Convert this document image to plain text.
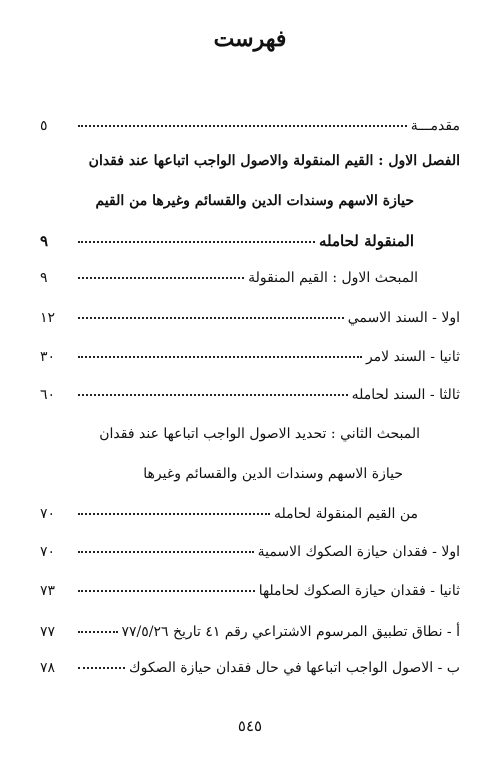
فهرست
مقدمـــة
٥
الفصل الاول : القيم المنقولة والاصول الواجب اتباعها عند فقدان
حيازة الاسهم وسندات الدين والقسائم وغيرها من القيم
المنقولة لحامله
٩
المبحث الاول : القيم المنقولة
٩
اولا - السند الاسمي
١٢
ثانيا - السند لامر
٣٠
ثالثا - السند لحامله
٦٠
المبحث الثاني : تحديد الاصول الواجب اتباعها عند فقدان
حيازة الاسهم وسندات الدين والقسائم وغيرها
من القيم المنقولة لحامله
٧٠
اولا - فقدان حيازة الصكوك الاسمية
٧٠
ثانيا - فقدان حيازة الصكوك لحاملها
٧٣
أ - نطاق تطبيق المرسوم الاشتراعي رقم ٤١ تاريخ ٧٧/٥/٢٦
٧٧
ب - الاصول الواجب اتباعها في حال فقدان حيازة الصكوك
٧٨
٥٤٥
